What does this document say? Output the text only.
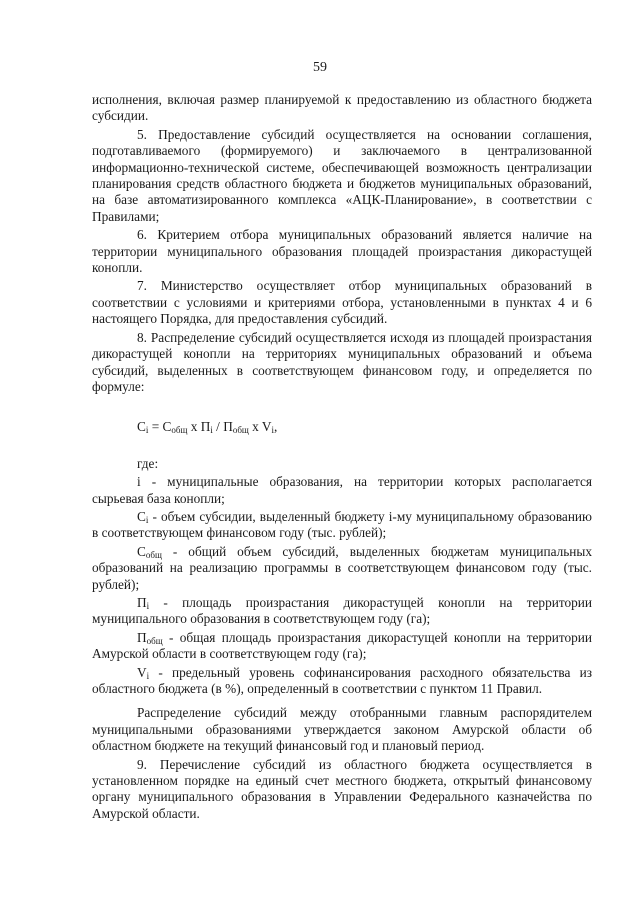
59

исполнения, включая размер планируемой к предоставлению из областного бюджета субсидии.

5. Предоставление субсидий осуществляется на основании соглашения, подготавливаемого (формируемого) и заключаемого в централизованной информационно-технической системе, обеспечивающей возможность централизации планирования средств областного бюджета и бюджетов муниципальных образований, на базе автоматизированного комплекса «АЦК-Планирование», в соответствии с Правилами;

6. Критерием отбора муниципальных образований является наличие на территории муниципального образования площадей произрастания дикорастущей конопли.

7. Министерство осуществляет отбор муниципальных образований в соответствии с условиями и критериями отбора, установленными в пунктах 4 и 6 настоящего Порядка, для предоставления субсидий.

8. Распределение субсидий осуществляется исходя из площадей произрастания дикорастущей конопли на территориях муниципальных образований и объема субсидий, выделенных в соответствующем финансовом году, и определяется по формуле:

$C_i = C_{общ}$ x $П_i / П_{общ}$ x $V_i$,

где:

i - муниципальные образования, на территории которых располагается сырьевая база конопли;

$C_i$ - объем субсидии, выделенный бюджету i-му муниципальному образованию в соответствующем финансовом году (тыс. рублей);

$C_{общ}$ - общий объем субсидий, выделенных бюджетам муниципальных образований на реализацию программы в соответствующем финансовом году (тыс. рублей);

$П_i$ - площадь произрастания дикорастущей конопли на территории муниципального образования в соответствующем году (га);

$П_{общ}$ - общая площадь произрастания дикорастущей конопли на территории Амурской области в соответствующем году (га);

$V_i$ - предельный уровень софинансирования расходного обязательства из областного бюджета (в %), определенный в соответствии с пунктом 11 Правил.

Распределение субсидий между отобранными главным распорядителем муниципальными образованиями утверждается законом Амурской области об областном бюджете на текущий финансовый год и плановый период.

9. Перечисление субсидий из областного бюджета осуществляется в установленном порядке на единый счет местного бюджета, открытый финансовому органу муниципального образования в Управлении Федерального казначейства по Амурской области.
